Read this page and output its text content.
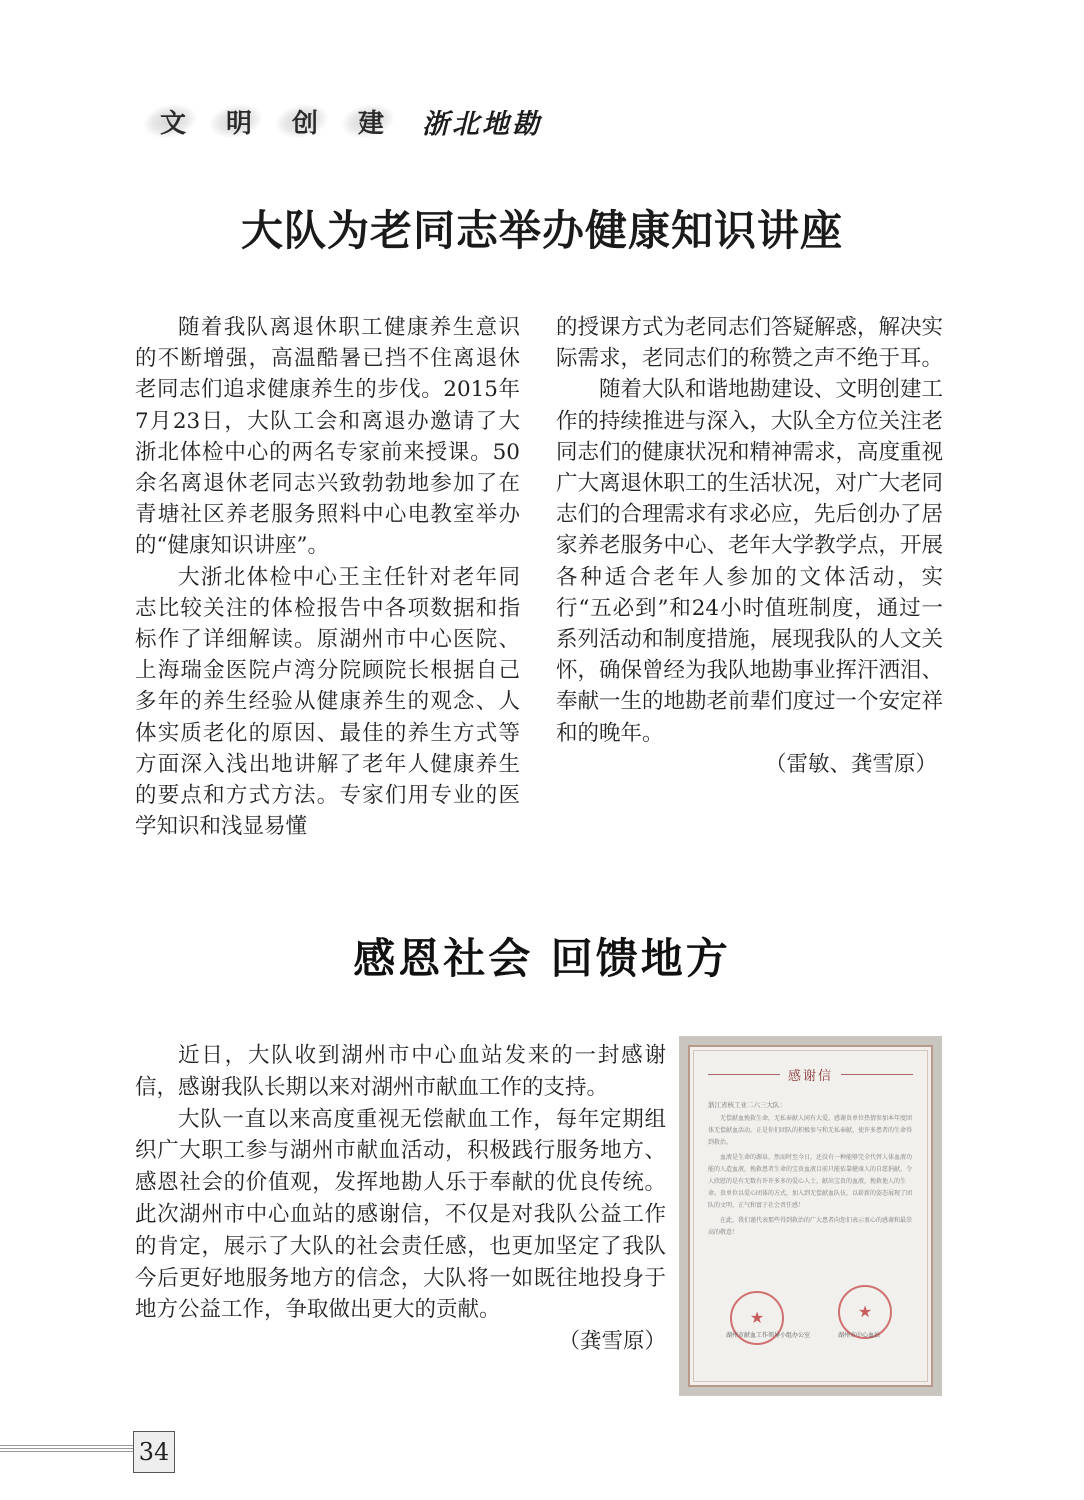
文	明	创	建	浙北地勘
大队为老同志举办健康知识讲座

随着我队离退休职工健康养生意识的不断增强，高温酷暑已挡不住离退休老同志们追求健康养生的步伐。2015年7月23日，大队工会和离退办邀请了大浙北体检中心的两名专家前来授课。50余名离退休老同志兴致勃勃地参加了在青塘社区养老服务照料中心电教室举办的“健康知识讲座”。

大浙北体检中心王主任针对老年同志比较关注的体检报告中各项数据和指标作了详细解读。原湖州市中心医院、上海瑞金医院卢湾分院顾院长根据自己多年的养生经验从健康养生的观念、人体实质老化的原因、最佳的养生方式等方面深入浅出地讲解了老年人健康养生的要点和方式方法。专家们用专业的医学知识和浅显易懂

的授课方式为老同志们答疑解惑，解决实际需求，老同志们的称赞之声不绝于耳。

随着大队和谐地勘建设、文明创建工作的持续推进与深入，大队全方位关注老同志们的健康状况和精神需求，高度重视广大离退休职工的生活状况，对广大老同志们的合理需求有求必应，先后创办了居家养老服务中心、老年大学教学点，开展各种适合老年人参加的文体活动，实行“五必到”和24小时值班制度，通过一系列活动和制度措施，展现我队的人文关怀，确保曾经为我队地勘事业挥汗洒泪、奉献一生的地勘老前辈们度过一个安定祥和的晚年。

（雷敏、龚雪原）

感恩社会 回馈地方

近日，大队收到湖州市中心血站发来的一封感谢信，感谢我队长期以来对湖州市献血工作的支持。

大队一直以来高度重视无偿献血工作，每年定期组织广大职工参与湖州市献血活动，积极践行服务地方、感恩社会的价值观，发挥地勘人乐于奉献的优良传统。此次湖州市中心血站的感谢信，不仅是对我队公益工作的肯定，展示了大队的社会责任感，也更加坚定了我队今后更好地服务地方的信念，大队将一如既往地投身于地方公益工作，争取做出更大的贡献。

（龚雪原）

感谢信
浙江省核工业二六三大队：

无偿献血挽救生命，无私奉献人间有大爱。感谢贵单位热情参加本年度团体无偿献血活动，正是你们团队的积极参与和无私奉献，使许多患者的生命得到救治。

血液是生命的源泉，然而时至今日，还没有一种能够完全代替人体血液功能的人造血液，挽救患者生命的宝贵血液目前只能依靠健康人的自愿捐献。令人欣慰的是有无数有许许多多的爱心人士，献出宝贵的血液，挽救他人的生命。贵单位以爱心团体的方式，加入到无偿献血队伍，以崭新的姿态展现了团队的文明、正气和富于社会责任感！

在此，我们谨代表那些得到救治的广大患者向您们表示衷心的感谢和最崇高的敬意！

★	★
湖州市献血工作领导小组办公室	湖州市中心血站
34
